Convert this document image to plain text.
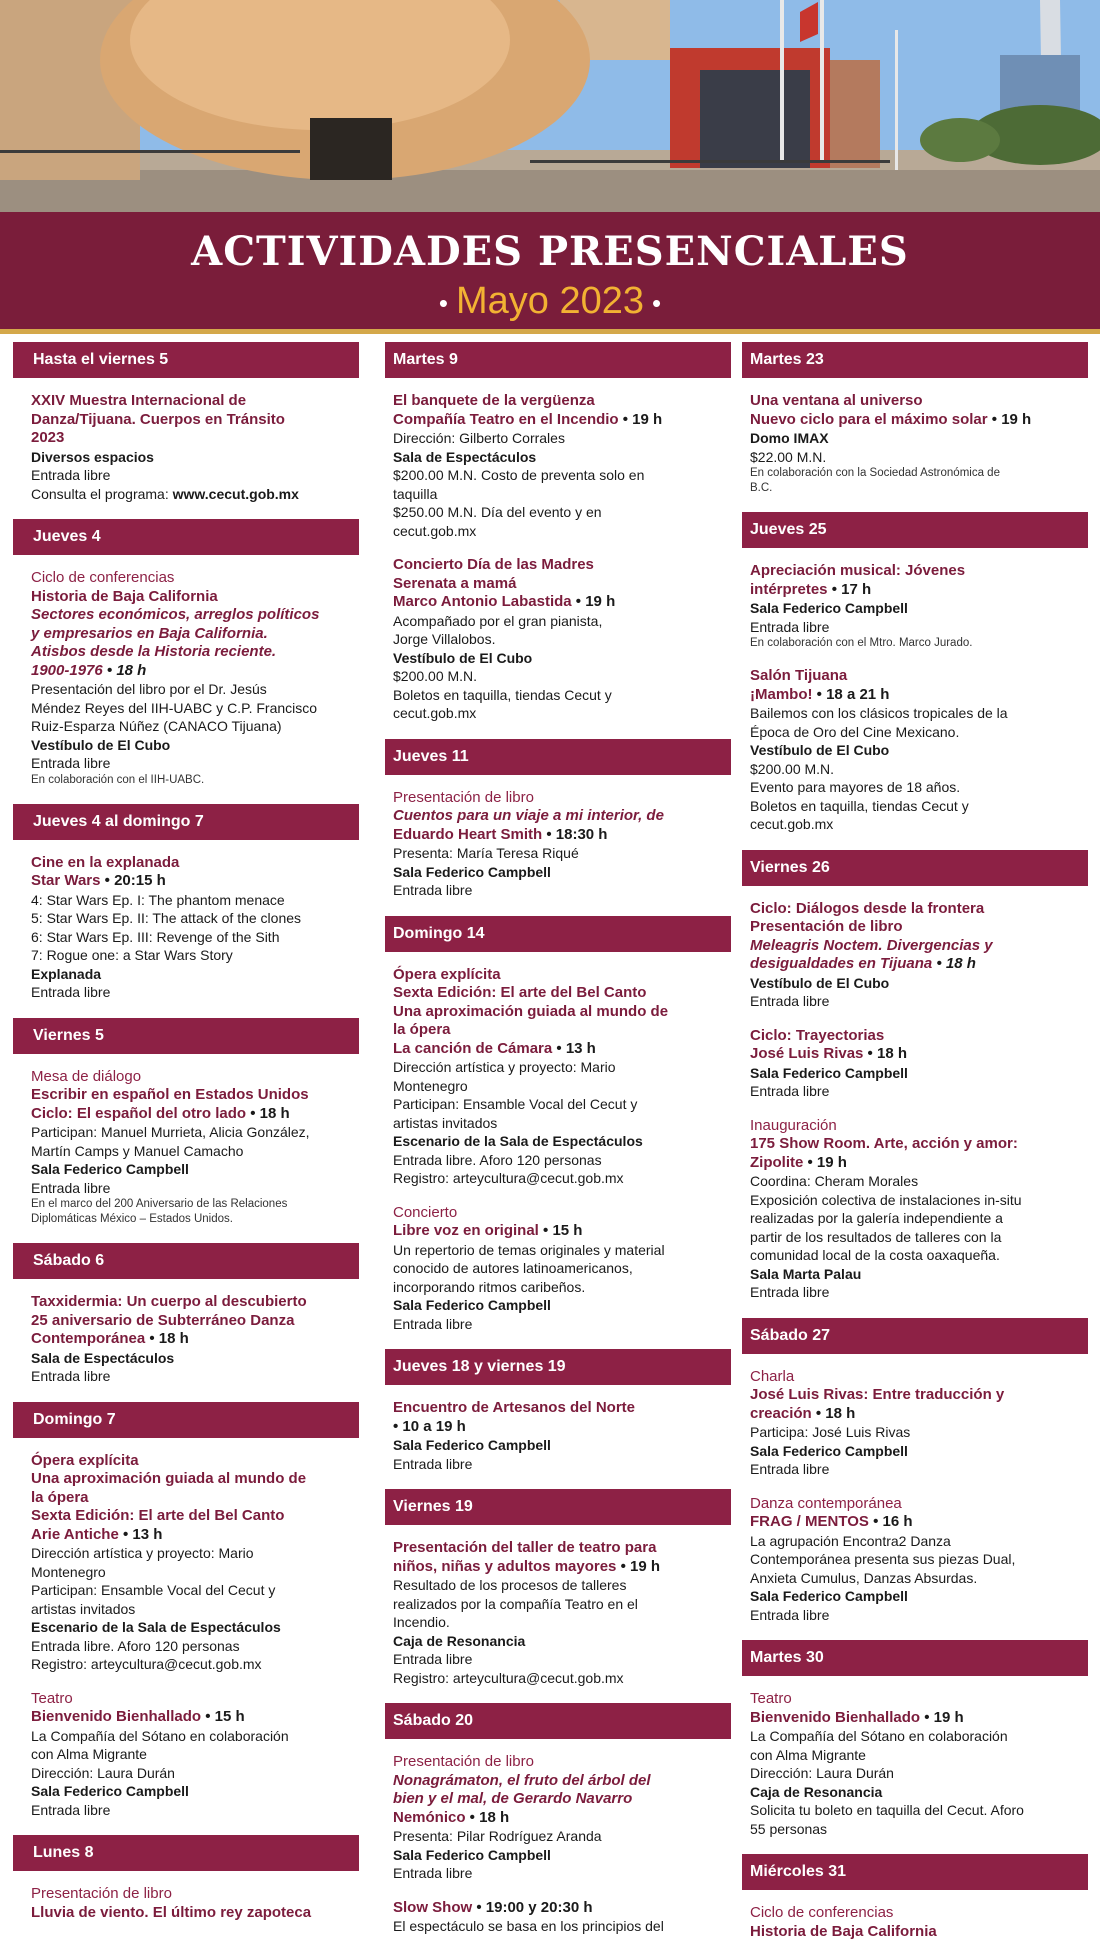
ACTIVIDADES PRESENCIALES
• Mayo 2023 •
Hasta el viernes 5
XXIV Muestra Internacional de
Danza/Tijuana. Cuerpos en Tránsito
2023
Diversos espacios
Entrada libre
Consulta el programa: www.cecut.gob.mx
Jueves 4
Ciclo de conferencias
Historia de Baja California
Sectores económicos, arreglos políticos
y empresarios en Baja California.
Atisbos desde la Historia reciente.
1900-1976 • 18 h
Presentación del libro por el Dr. Jesús
Méndez Reyes del IIH-UABC y C.P. Francisco
Ruiz-Esparza Núñez (CANACO Tijuana)
Vestíbulo de El Cubo
Entrada libre
En colaboración con el IIH-UABC.
Jueves 4 al domingo 7
Cine en la explanada
Star Wars • 20:15 h
4: Star Wars Ep. I: The phantom menace
5: Star Wars Ep. II: The attack of the clones
6: Star Wars Ep. III: Revenge of the Sith
7: Rogue one: a Star Wars Story
Explanada
Entrada libre
Viernes 5
Mesa de diálogo
Escribir en español en Estados Unidos
Ciclo: El español del otro lado • 18 h
Participan: Manuel Murrieta, Alicia González,
Martín Camps y Manuel Camacho
Sala Federico Campbell
Entrada libre
En el marco del 200 Aniversario de las Relaciones
Diplomáticas México – Estados Unidos.
Sábado 6
Taxxidermia: Un cuerpo al descubierto
25 aniversario de Subterráneo Danza
Contemporánea • 18 h
Sala de Espectáculos
Entrada libre
Domingo 7
Ópera explícita
Una aproximación guiada al mundo de
la ópera
Sexta Edición: El arte del Bel Canto
Arie Antiche • 13 h
Dirección artística y proyecto: Mario
Montenegro
Participan: Ensamble Vocal del Cecut y
artistas invitados
Escenario de la Sala de Espectáculos
Entrada libre. Aforo 120 personas
Registro: arteycultura@cecut.gob.mx
Teatro
Bienvenido Bienhallado • 15 h
La Compañía del Sótano en colaboración
con Alma Migrante
Dirección: Laura Durán
Sala Federico Campbell
Entrada libre
Lunes 8
Presentación de libro
Lluvia de viento. El último rey zapoteca
Martes 9
El banquete de la vergüenza
Compañía Teatro en el Incendio • 19 h
Dirección: Gilberto Corrales
Sala de Espectáculos
$200.00 M.N. Costo de preventa solo en
taquilla
$250.00 M.N. Día del evento y en
cecut.gob.mx
Concierto Día de las Madres
Serenata a mamá
Marco Antonio Labastida • 19 h
Acompañado por el gran pianista,
Jorge Villalobos.
Vestíbulo de El Cubo
$200.00 M.N.
Boletos en taquilla, tiendas Cecut y
cecut.gob.mx
Jueves 11
Presentación de libro
Cuentos para un viaje a mi interior, de
Eduardo Heart Smith • 18:30 h
Presenta: María Teresa Riqué
Sala Federico Campbell
Entrada libre
Domingo 14
Ópera explícita
Sexta Edición: El arte del Bel Canto
Una aproximación guiada al mundo de
la ópera
La canción de Cámara • 13 h
Dirección artística y proyecto: Mario
Montenegro
Participan: Ensamble Vocal del Cecut y
artistas invitados
Escenario de la Sala de Espectáculos
Entrada libre. Aforo 120 personas
Registro: arteycultura@cecut.gob.mx
Concierto
Libre voz en original • 15 h
Un repertorio de temas originales y material
conocido de autores latinoamericanos,
incorporando ritmos caribeños.
Sala Federico Campbell
Entrada libre
Jueves 18 y viernes 19
Encuentro de Artesanos del Norte
• 10 a 19 h
Sala Federico Campbell
Entrada libre
Viernes 19
Presentación del taller de teatro para
niños, niñas y adultos mayores • 19 h
Resultado de los procesos de talleres
realizados por la compañía Teatro en el
Incendio.
Caja de Resonancia
Entrada libre
Registro: arteycultura@cecut.gob.mx
Sábado 20
Presentación de libro
Nonagrámaton, el fruto del árbol del
bien y el mal, de Gerardo Navarro
Nemónico • 18 h
Presenta: Pilar Rodríguez Aranda
Sala Federico Campbell
Entrada libre
Slow Show • 19:00 y 20:30 h
El espectáculo se basa en los principios del
Martes 23
Una ventana al universo
Nuevo ciclo para el máximo solar • 19 h
Domo IMAX
$22.00 M.N.
En colaboración con la Sociedad Astronómica de
B.C.
Jueves 25
Apreciación musical: Jóvenes
intérpretes • 17 h
Sala Federico Campbell
Entrada libre
En colaboración con el Mtro. Marco Jurado.
Salón Tijuana
¡Mambo! • 18 a 21 h
Bailemos con los clásicos tropicales de la
Época de Oro del Cine Mexicano.
Vestíbulo de El Cubo
$200.00 M.N.
Evento para mayores de 18 años.
Boletos en taquilla, tiendas Cecut y
cecut.gob.mx
Viernes 26
Ciclo: Diálogos desde la frontera
Presentación de libro
Meleagris Noctem. Divergencias y
desigualdades en Tijuana • 18 h
Vestíbulo de El Cubo
Entrada libre
Ciclo: Trayectorias
José Luis Rivas • 18 h
Sala Federico Campbell
Entrada libre
Inauguración
175 Show Room. Arte, acción y amor:
Zipolite • 19 h
Coordina: Cheram Morales
Exposición colectiva de instalaciones in-situ
realizadas por la galería independiente a
partir de los resultados de talleres con la
comunidad local de la costa oaxaqueña.
Sala Marta Palau
Entrada libre
Sábado 27
Charla
José Luis Rivas: Entre traducción y
creación • 18 h
Participa: José Luis Rivas
Sala Federico Campbell
Entrada libre
Danza contemporánea
FRAG / MENTOS • 16 h
La agrupación Encontra2 Danza
Contemporánea presenta sus piezas Dual,
Anxieta Cumulus, Danzas Absurdas.
Sala Federico Campbell
Entrada libre
Martes 30
Teatro
Bienvenido Bienhallado • 19 h
La Compañía del Sótano en colaboración
con Alma Migrante
Dirección: Laura Durán
Caja de Resonancia
Solicita tu boleto en taquilla del Cecut. Aforo
55 personas
Miércoles 31
Ciclo de conferencias
Historia de Baja California
